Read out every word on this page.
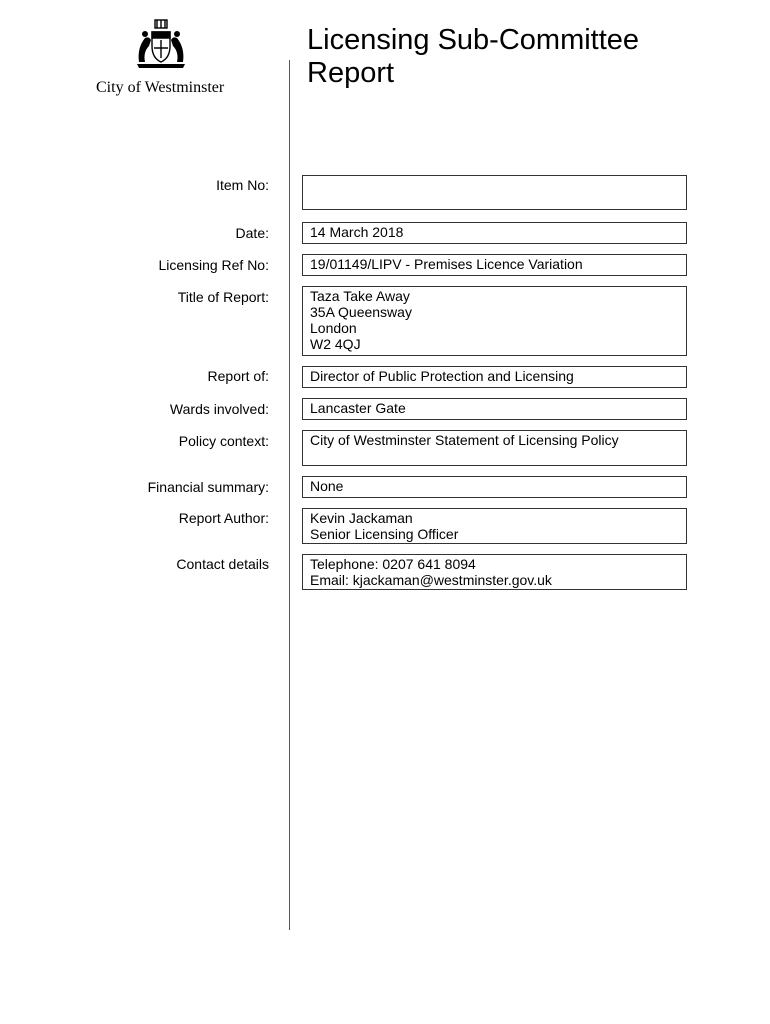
City of Westminster
Licensing Sub-Committee
Report
Item No:
Date:	14 March 2018
Licensing Ref No:	19/01149/LIPV - Premises Licence Variation
Title of Report:	Taza Take Away
35A Queensway
London
W2 4QJ
Report of:	Director of Public Protection and Licensing
Wards involved:	Lancaster Gate
Policy context:	City of Westminster Statement of Licensing Policy
Financial summary:	None
Report Author:	Kevin Jackaman
Senior Licensing Officer
Contact details	Telephone: 0207 641 8094
Email: kjackaman@westminster.gov.uk
